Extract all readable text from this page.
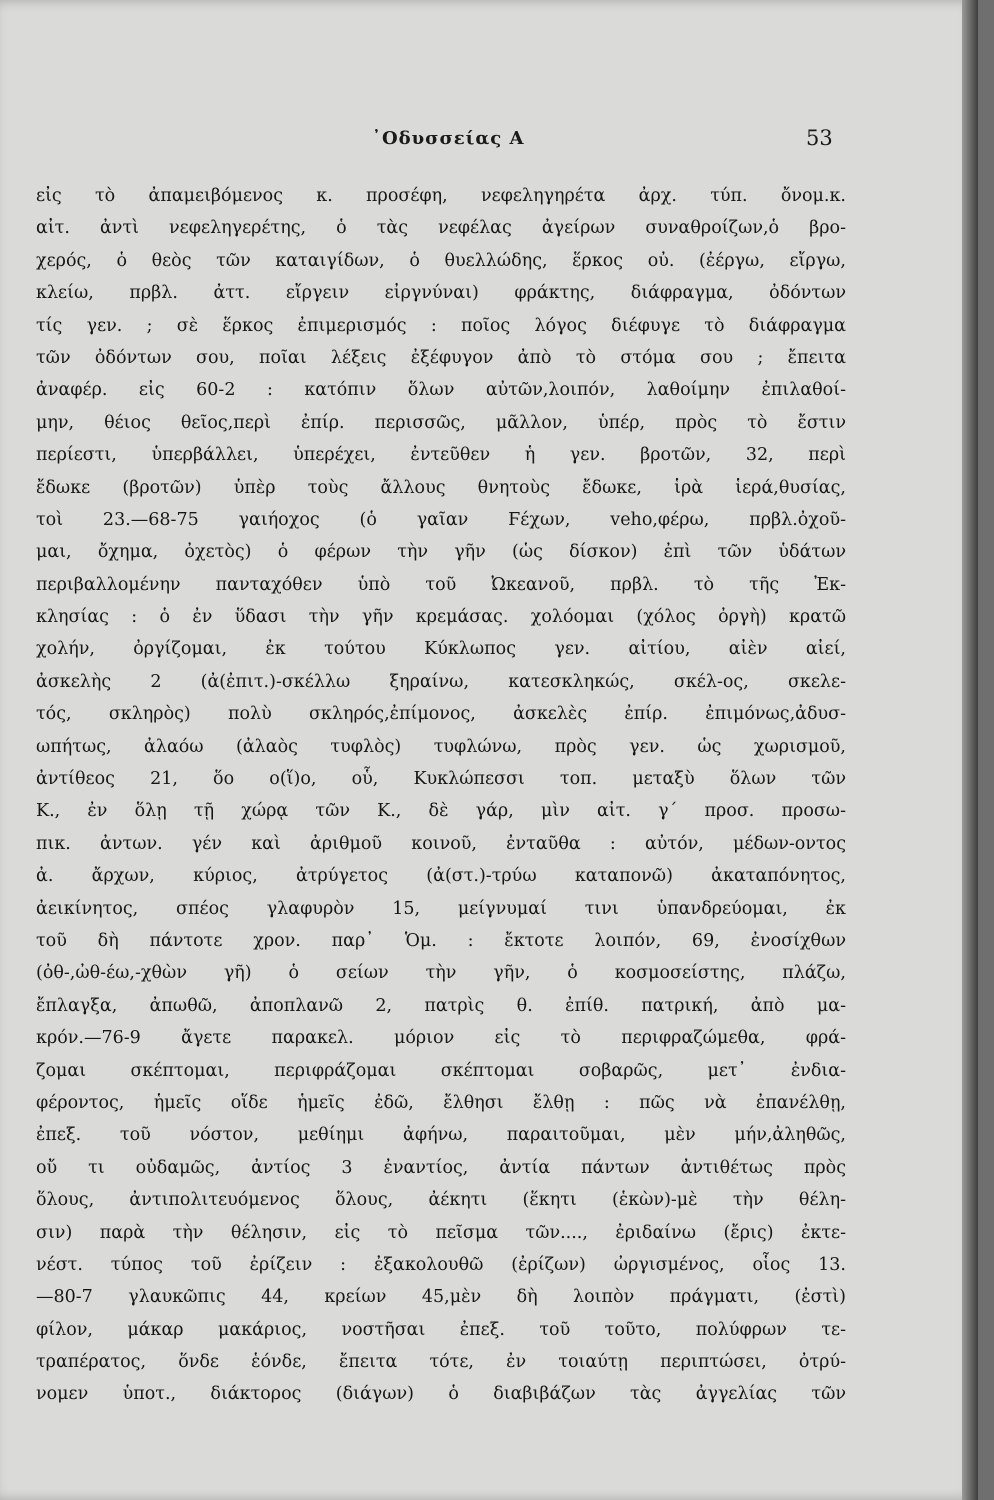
᾽Οδυσσείας Α	53
εἰς τὸ ἀπαμειβόμενος κ. προσέφη, νεφεληγηρέτα ἀρχ. τύπ. ὄνομ.κ.
αἰτ. ἀντὶ νεφεληγερέτης, ὁ τὰς νεφέλας ἀγείρων συναθροίζων,ὁ βρο-
χερός, ὁ θεὸς τῶν καταιγίδων, ὁ θυελλώδης, ἕρκος οὐ. (ἐέργω, εἴργω,
κλείω, πρβλ. ἀττ. εἴργειν εἰργνύναι) φράκτης, διάφραγμα, ὀδόντων
τίς γεν. ; σὲ ἕρκος ἐπιμερισμός : ποῖος λόγος διέφυγε τὸ διάφραγμα
τῶν ὀδόντων σου, ποῖαι λέξεις ἐξέφυγον ἀπὸ τὸ στόμα σου ; ἔπειτα
ἀναφέρ. εἰς 60-2 : κατόπιν ὅλων αὐτῶν,λοιπόν, λαθοίμην ἐπιλαθοί-
μην, θέιος θεῖος,περὶ ἐπίρ. περισσῶς, μᾶλλον, ὑπέρ, πρὸς τὸ ἔστιν
περίεστι, ὑπερβάλλει, ὑπερέχει, ἐντεῦθεν ἡ γεν. βροτῶν, 32, περὶ
ἔδωκε (βροτῶν) ὑπὲρ τοὺς ἄλλους θνητοὺς ἔδωκε, ἱρὰ ἱερά,θυσίας,
τοὶ 23.—68-75 γαιήοχος (ὁ γαῖαν Ϝέχων, veho,φέρω, πρβλ.ὀχοῦ-
μαι, ὄχημα, ὀχετὸς) ὁ φέρων τὴν γῆν (ὡς δίσκον) ἐπὶ τῶν ὑδάτων
περιβαλλομένην πανταχόθεν ὑπὸ τοῦ Ὠκεανοῦ, πρβλ. τὸ τῆς Ἐκ-
κλησίας : ὁ ἐν ὕδασι τὴν γῆν κρεμάσας. χολόομαι (χόλος ὀργὴ) κρατῶ
χολήν, ὀργίζομαι, ἐκ τούτου Κύκλωπος γεν. αἰτίου, αἰὲν αἰεί,
ἀσκελὴς 2 (ἀ(ἐπιτ.)-σκέλλω ξηραίνω, κατεσκληκώς, σκέλ-ος, σκελε-
τός, σκληρὸς) πολὺ σκληρός,ἐπίμονος, ἀσκελὲς ἐπίρ. ἐπιμόνως,ἀδυσ-
ωπήτως, ἀλαόω (ἀλαὸς τυφλὸς) τυφλώνω, πρὸς γεν. ὡς χωρισμοῦ,
ἀντίθεος 21, ὅο ο(ἵ)ο, οὗ, Κυκλώπεσσι τοπ. μεταξὺ ὅλων τῶν
Κ., ἐν ὅλῃ τῇ χώρᾳ τῶν Κ., δὲ γάρ, μὶν αἰτ. γ΄ προσ. προσω-
πικ. ἀντων. γέν καὶ ἀριθμοῦ κοινοῦ, ἐνταῦθα : αὐτόν, μέδων-οντος
ἀ. ἄρχων, κύριος, ἀτρύγετος (ἀ(στ.)-τρύω καταπονῶ) ἀκαταπόνητος,
ἀεικίνητος, σπέος γλαφυρὸν 15, μείγνυμαί τινι ὑπανδρεύομαι, ἐκ
τοῦ δὴ πάντοτε χρον. παρ᾽ Ὁμ. : ἔκτοτε λοιπόν, 69, ἐνοσίχθων
(ὀθ-,ὠθ-έω,-χθὼν γῆ) ὁ σείων τὴν γῆν, ὁ κοσμοσείστης, πλάζω,
ἔπλαγξα, ἀπωθῶ, ἀποπλανῶ 2, πατρὶς θ. ἐπίθ. πατρική, ἀπὸ μα-
κρόν.—76-9 ἄγετε παρακελ. μόριον εἰς τὸ περιφραζώμεθα, φρά-
ζομαι σκέπτομαι, περιφράζομαι σκέπτομαι σοβαρῶς, μετ᾽ ἐνδια-
φέροντος, ἡμεῖς οἵδε ἡμεῖς ἐδῶ, ἔλθησι ἔλθῃ : πῶς νὰ ἐπανέλθῃ,
ἐπεξ. τοῦ νόστον, μεθίημι ἀφήνω, παραιτοῦμαι, μὲν μήν,ἀληθῶς,
οὔ τι οὐδαμῶς, ἀντίος 3 ἐναντίος, ἀντία πάντων ἀντιθέτως πρὸς
ὅλους, ἀντιπολιτευόμενος ὅλους, ἀέκητι (ἕκητι (ἑκὼν)-μὲ τὴν θέλη-
σιν) παρὰ τὴν θέλησιν, εἰς τὸ πεῖσμα τῶν...., ἐριδαίνω (ἔρις) ἐκτε-
νέστ. τύπος τοῦ ἐρίζειν : ἐξακολουθῶ (ἐρίζων) ὠργισμένος, οἷος 13.
—80-7 γλαυκῶπις 44, κρείων 45,μὲν δὴ λοιπὸν πράγματι, (ἐστὶ)
φίλον, μάκαρ μακάριος, νοστῆσαι ἐπεξ. τοῦ τοῦτο, πολύφρων τε-
τραπέρατος, ὅνδε ἑόνδε, ἔπειτα τότε, ἐν τοιαύτῃ περιπτώσει, ὀτρύ-
νομεν ὑποτ., διάκτορος (διάγων) ὁ διαβιβάζων τὰς ἀγγελίας τῶν
